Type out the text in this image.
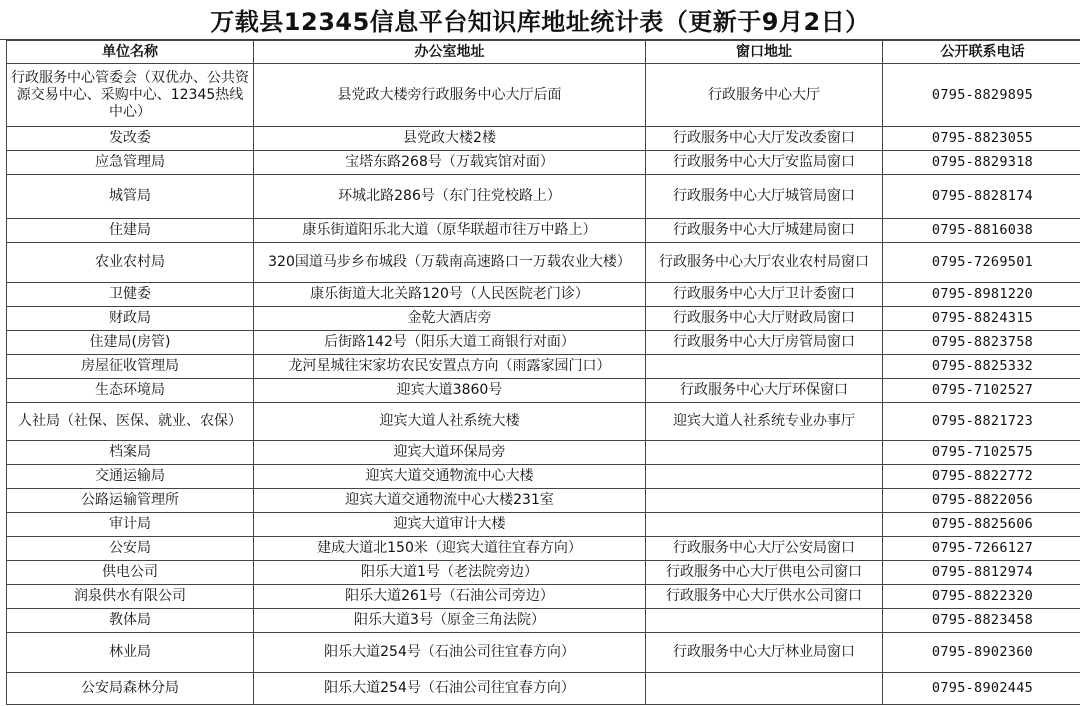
万载县12345信息平台知识库地址统计表（更新于9月2日）
单位名称	办公室地址	窗口地址	公开联系电话
行政服务中心管委会（双优办、公共资源交易中心、采购中心、12345热线中心）	县党政大楼旁行政服务中心大厅后面	行政服务中心大厅	0795-8829895
发改委	县党政大楼2楼	行政服务中心大厅发改委窗口	0795-8823055
应急管理局	宝塔东路268号（万载宾馆对面）	行政服务中心大厅安监局窗口	0795-8829318
城管局	环城北路286号（东门往党校路上）	行政服务中心大厅城管局窗口	0795-8828174
住建局	康乐街道阳乐北大道（原华联超市往万中路上）	行政服务中心大厅城建局窗口	0795-8816038
农业农村局	320国道马步乡布城段（万载南高速路口一万载农业大楼）	行政服务中心大厅农业农村局窗口	0795-7269501
卫健委	康乐街道大北关路120号（人民医院老门诊）	行政服务中心大厅卫计委窗口	0795-8981220
财政局	金乾大酒店旁	行政服务中心大厅财政局窗口	0795-8824315
住建局(房管)	后街路142号（阳乐大道工商银行对面）	行政服务中心大厅房管局窗口	0795-8823758
房屋征收管理局	龙河星城往宋家坊农民安置点方向（雨露家园门口）		0795-8825332
生态环境局	迎宾大道3860号	行政服务中心大厅环保窗口	0795-7102527
人社局（社保、医保、就业、农保）	迎宾大道人社系统大楼	迎宾大道人社系统专业办事厅	0795-8821723
档案局	迎宾大道环保局旁		0795-7102575
交通运输局	迎宾大道交通物流中心大楼		0795-8822772
公路运输管理所	迎宾大道交通物流中心大楼231室		0795-8822056
审计局	迎宾大道审计大楼		0795-8825606
公安局	建成大道北150米（迎宾大道往宜春方向）	行政服务中心大厅公安局窗口	0795-7266127
供电公司	阳乐大道1号（老法院旁边）	行政服务中心大厅供电公司窗口	0795-8812974
润泉供水有限公司	阳乐大道261号（石油公司旁边）	行政服务中心大厅供水公司窗口	0795-8822320
教体局	阳乐大道3号（原金三角法院）		0795-8823458
林业局	阳乐大道254号（石油公司往宜春方向）	行政服务中心大厅林业局窗口	0795-8902360
公安局森林分局	阳乐大道254号（石油公司往宜春方向）		0795-8902445
